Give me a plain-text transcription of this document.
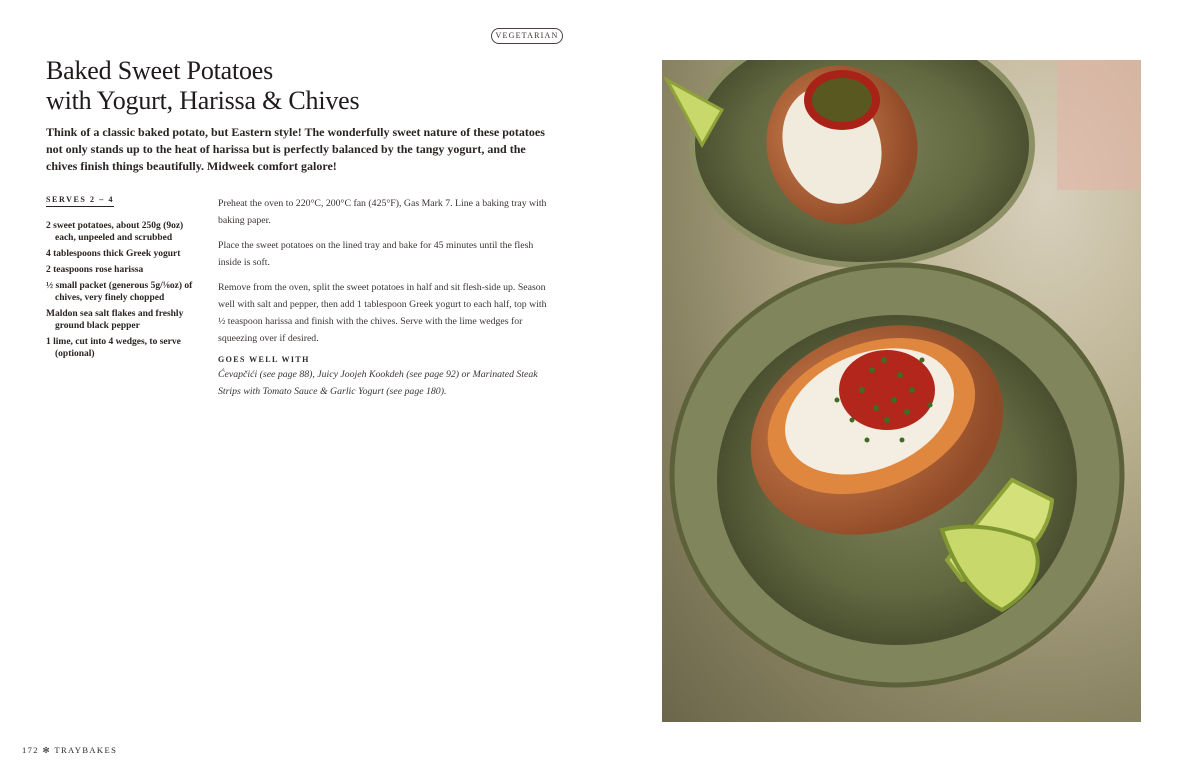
VEGETARIAN
Baked Sweet Potatoes
with Yogurt, Harissa & Chives

Think of a classic baked potato, but Eastern style! The wonderfully sweet nature of these potatoes not only stands up to the heat of harissa but is perfectly balanced by the tangy yogurt, and the chives finish things beautifully. Midweek comfort galore!

SERVES 2 – 4
2 sweet potatoes, about 250g (9oz) each, unpeeled and scrubbed
4 tablespoons thick Greek yogurt
2 teaspoons rose harissa
½ small packet (generous 5g/⅛oz) of chives, very finely chopped
Maldon sea salt flakes and freshly ground black pepper
1 lime, cut into 4 wedges, to serve (optional)

Preheat the oven to 220°C, 200°C fan (425°F), Gas Mark 7. Line a baking tray with baking paper.

Place the sweet potatoes on the lined tray and bake for 45 minutes until the flesh inside is soft.

Remove from the oven, split the sweet potatoes in half and sit flesh-side up. Season well with salt and pepper, then add 1 tablespoon Greek yogurt to each half, top with ½ teaspoon harissa and finish with the chives. Serve with the lime wedges for squeezing over if desired.

GOES WELL WITH

Ćevapčići (see page 88), Juicy Joojeh Kookdeh (see page 92) or Marinated Steak Strips with Tomato Sauce & Garlic Yogurt (see page 180).

172 ✻ TRAYBAKES
